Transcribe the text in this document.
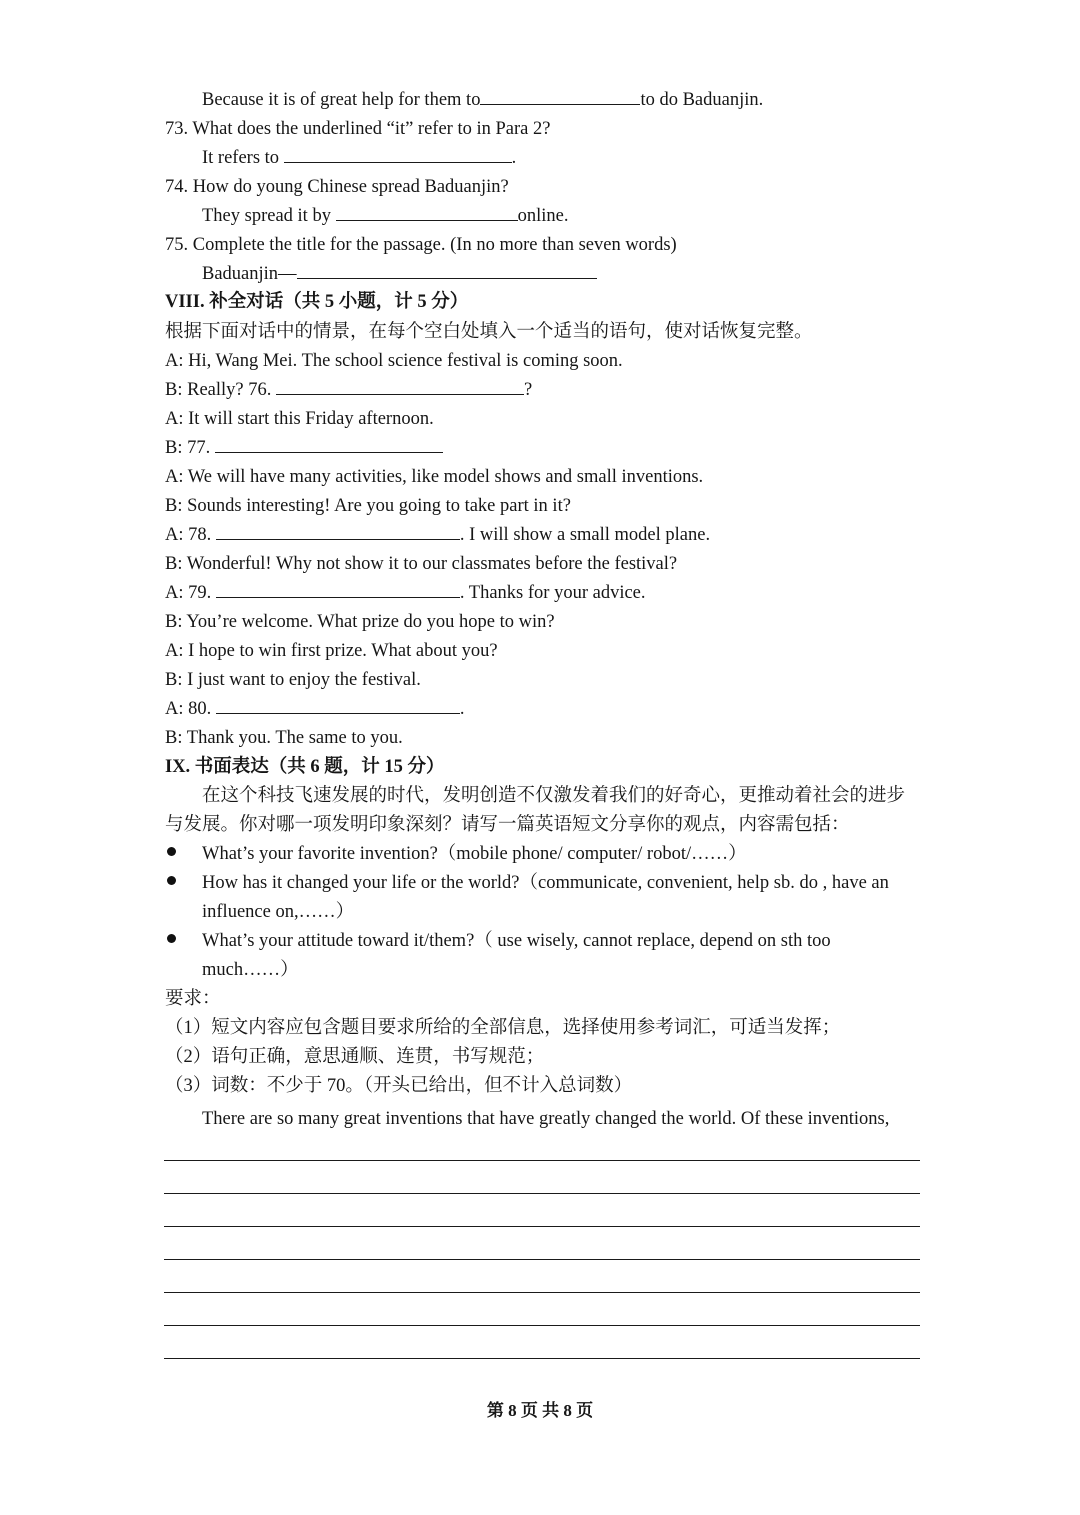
Because it is of great help for them to	to do Baduanjin.
73. What does the underlined “it” refer to in Para 2?
It refers to	.
74. How do young Chinese spread Baduanjin?
They spread it by	online.
75. Complete the title for the passage. (In no more than seven words)
Baduanjin—
VIII. 补全对话（共 5 小题，计 5 分）
根据下面对话中的情景，在每个空白处填入一个适当的语句，使对话恢复完整。
A: Hi, Wang Mei. The school science festival is coming soon.
B: Really? 76.	?
A: It will start this Friday afternoon.
B: 77.
A: We will have many activities, like model shows and small inventions.
B: Sounds interesting! Are you going to take part in it?
A: 78.	. I will show a small model plane.
B: Wonderful! Why not show it to our classmates before the festival?
A: 79.	. Thanks for your advice.
B: You’re welcome. What prize do you hope to win?
A: I hope to win first prize. What about you?
B: I just want to enjoy the festival.
A: 80.	.
B: Thank you. The same to you.
IX. 书面表达（共 6 题，计 15 分）
在这个科技飞速发展的时代，发明创造不仅激发着我们的好奇心，更推动着社会的进步
与发展。你对哪一项发明印象深刻？请写一篇英语短文分享你的观点，内容需包括：
What’s your favorite invention?（mobile phone/ computer/ robot/……）
How has it changed your life or the world?（communicate, convenient, help sb. do , have an
influence on,……）
What’s your attitude toward it/them?（ use wisely, cannot replace, depend on sth too
much……）
要求：
（1）短文内容应包含题目要求所给的全部信息，选择使用参考词汇，可适当发挥；
（2）语句正确，意思通顺、连贯，书写规范；
（3）词数：不少于 70。（开头已给出，但不计入总词数）
There are so many great inventions that have greatly changed the world. Of these inventions,
第 8 页 共 8 页
